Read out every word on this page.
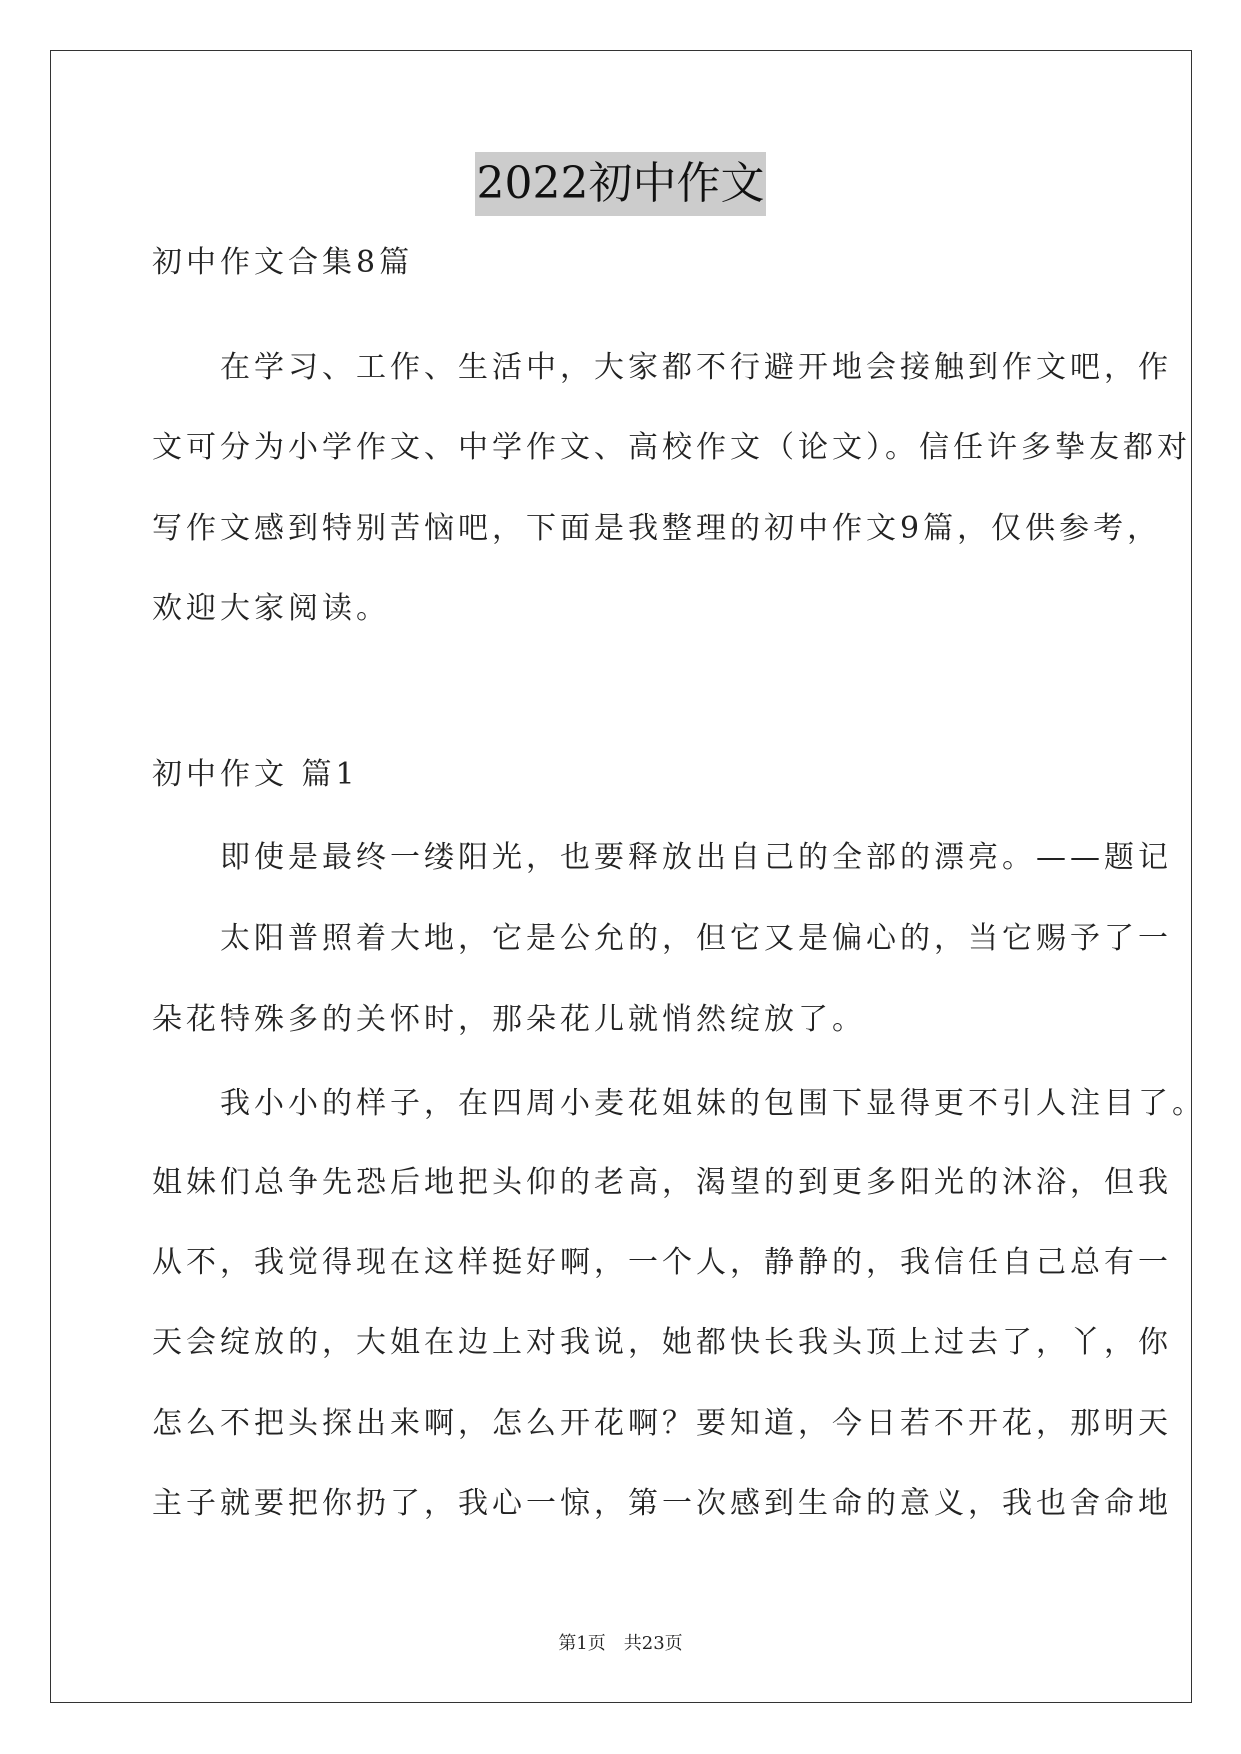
2022初中作文
初中作文合集8篇
　　在学习、工作、生活中，大家都不行避开地会接触到作文吧，作
文可分为小学作文、中学作文、高校作文（论文）。信任许多挚友都对
写作文感到特别苦恼吧，下面是我整理的初中作文9篇，仅供参考，
欢迎大家阅读。
初中作文 篇1
　　即使是最终一缕阳光，也要释放出自己的全部的漂亮。——题记
　　太阳普照着大地，它是公允的，但它又是偏心的，当它赐予了一
朵花特殊多的关怀时，那朵花儿就悄然绽放了。
　　我小小的样子，在四周小麦花姐妹的包围下显得更不引人注目了。
姐妹们总争先恐后地把头仰的老高，渴望的到更多阳光的沐浴，但我
从不，我觉得现在这样挺好啊，一个人，静静的，我信任自己总有一
天会绽放的，大姐在边上对我说，她都快长我头顶上过去了，丫，你
怎么不把头探出来啊，怎么开花啊？要知道，今日若不开花，那明天
主子就要把你扔了，我心一惊，第一次感到生命的意义，我也舍命地
第1页 共23页
